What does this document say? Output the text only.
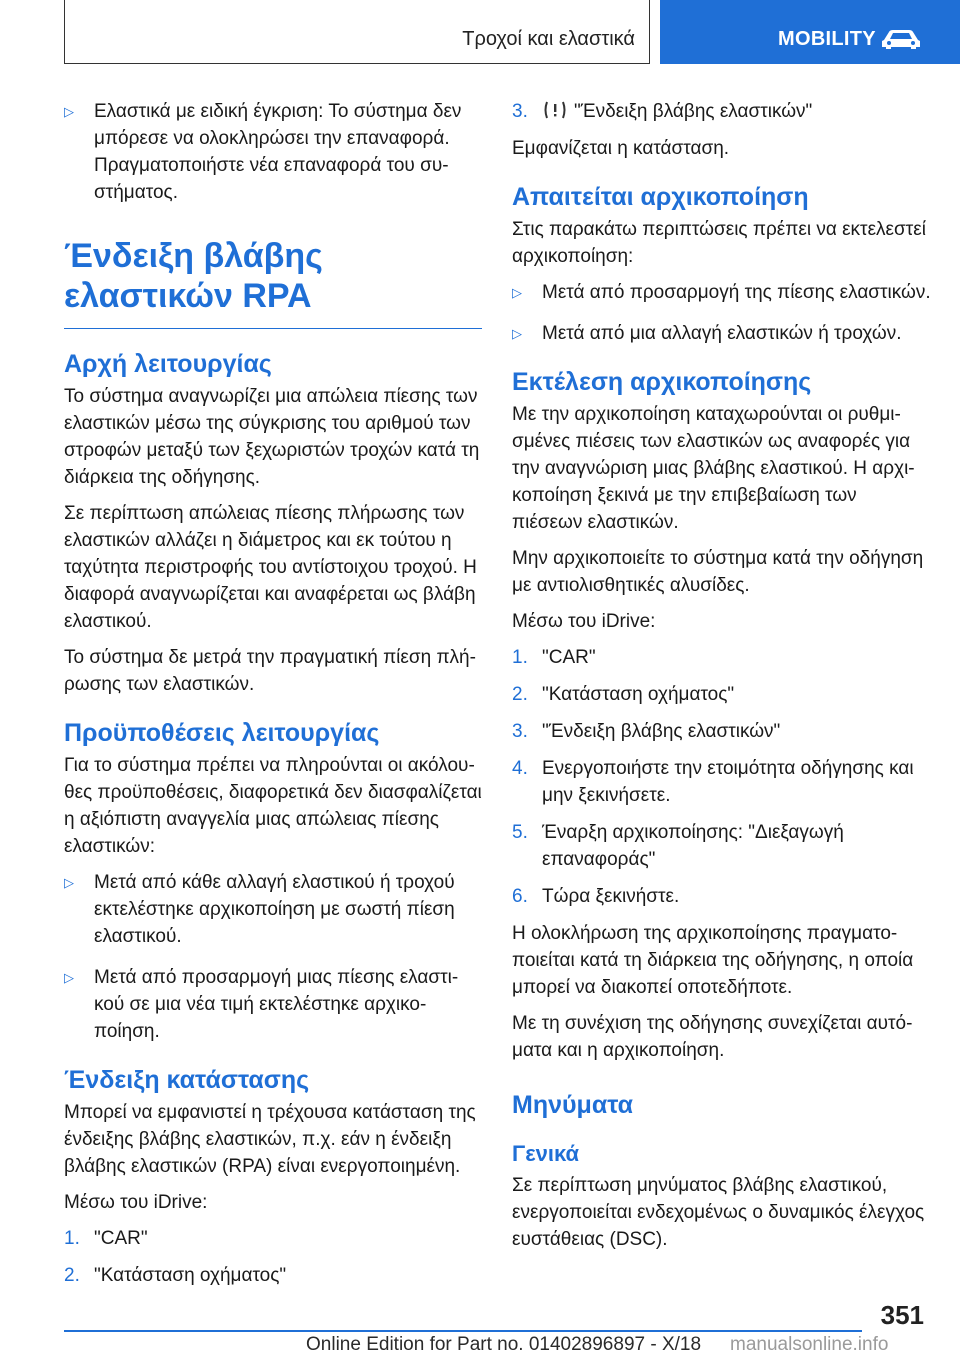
Τροχοί και ελαστικά	MOBILITY
▷ Ελαστικά με ειδική έγκριση: Το σύστημα δεν μπόρεσε να ολοκληρώσει την επαναφορά. Πραγματοποιήστε νέα επαναφορά του συστήματος.
Ένδειξη βλάβης ελαστικών RPA
Αρχή λειτουργίας

Το σύστημα αναγνωρίζει μια απώλεια πίεσης των ελαστικών μέσω της σύγκρισης του αριθμού των στροφών μεταξύ των ξεχωριστών τροχών κατά τη διάρκεια της οδήγησης.

Σε περίπτωση απώλειας πίεσης πλήρωσης των ελαστικών αλλάζει η διάμετρος και εκ τούτου η ταχύτητα περιστροφής του αντίστοιχου τροχού. Η διαφορά αναγνωρίζεται και αναφέρεται ως βλάβη ελαστικού.

Το σύστημα δε μετρά την πραγματική πίεση πλήρωσης των ελαστικών.

Προϋποθέσεις λειτουργίας

Για το σύστημα πρέπει να πληρούνται οι ακόλουθες προϋποθέσεις, διαφορετικά δεν διασφαλίζεται η αξιόπιστη αναγγελία μιας απώλειας πίεσης ελαστικών:

▷ Μετά από κάθε αλλαγή ελαστικού ή τροχού εκτελέστηκε αρχικοποίηση με σωστή πίεση ελαστικού.
▷ Μετά από προσαρμογή μιας πίεσης ελαστικού σε μια νέα τιμή εκτελέστηκε αρχικοποίηση.
Ένδειξη κατάστασης

Μπορεί να εμφανιστεί η τρέχουσα κατάσταση της ένδειξης βλάβης ελαστικών, π.χ. εάν η ένδειξη βλάβης ελαστικών (RPA) είναι ενεργοποιημένη.

Μέσω του iDrive:

1. "CAR"
2. "Κατάσταση οχήματος"
3. "Ένδειξη βλάβης ελαστικών"

Εμφανίζεται η κατάσταση.

Απαιτείται αρχικοποίηση

Στις παρακάτω περιπτώσεις πρέπει να εκτελεστεί αρχικοποίηση:

▷ Μετά από προσαρμογή της πίεσης ελαστικών.
▷ Μετά από μια αλλαγή ελαστικών ή τροχών.
Εκτέλεση αρχικοποίησης

Με την αρχικοποίηση καταχωρούνται οι ρυθμισμένες πιέσεις των ελαστικών ως αναφορές για την αναγνώριση μιας βλάβης ελαστικού. Η αρχικοποίηση ξεκινά με την επιβεβαίωση των πιέσεων ελαστικών.

Μην αρχικοποιείτε το σύστημα κατά την οδήγηση με αντιολισθητικές αλυσίδες.

Μέσω του iDrive:

1. "CAR"
2. "Κατάσταση οχήματος"
3. "Ένδειξη βλάβης ελαστικών"
4. Ενεργοποιήστε την ετοιμότητα οδήγησης και μην ξεκινήσετε.
5. Έναρξη αρχικοποίησης: "Διεξαγωγή επαναφοράς"
6. Τώρα ξεκινήστε.

Η ολοκλήρωση της αρχικοποίησης πραγματοποιείται κατά τη διάρκεια της οδήγησης, η οποία μπορεί να διακοπεί οποτεδήποτε.

Με τη συνέχιση της οδήγησης συνεχίζεται αυτόματα και η αρχικοποίηση.

Μηνύματα
Γενικά

Σε περίπτωση μηνύματος βλάβης ελαστικού, ενεργοποιείται ενδεχομένως ο δυναμικός έλεγχος ευστάθειας (DSC).

351
Online Edition for Part no. 01402896897 - X/18 manualsonline.info
